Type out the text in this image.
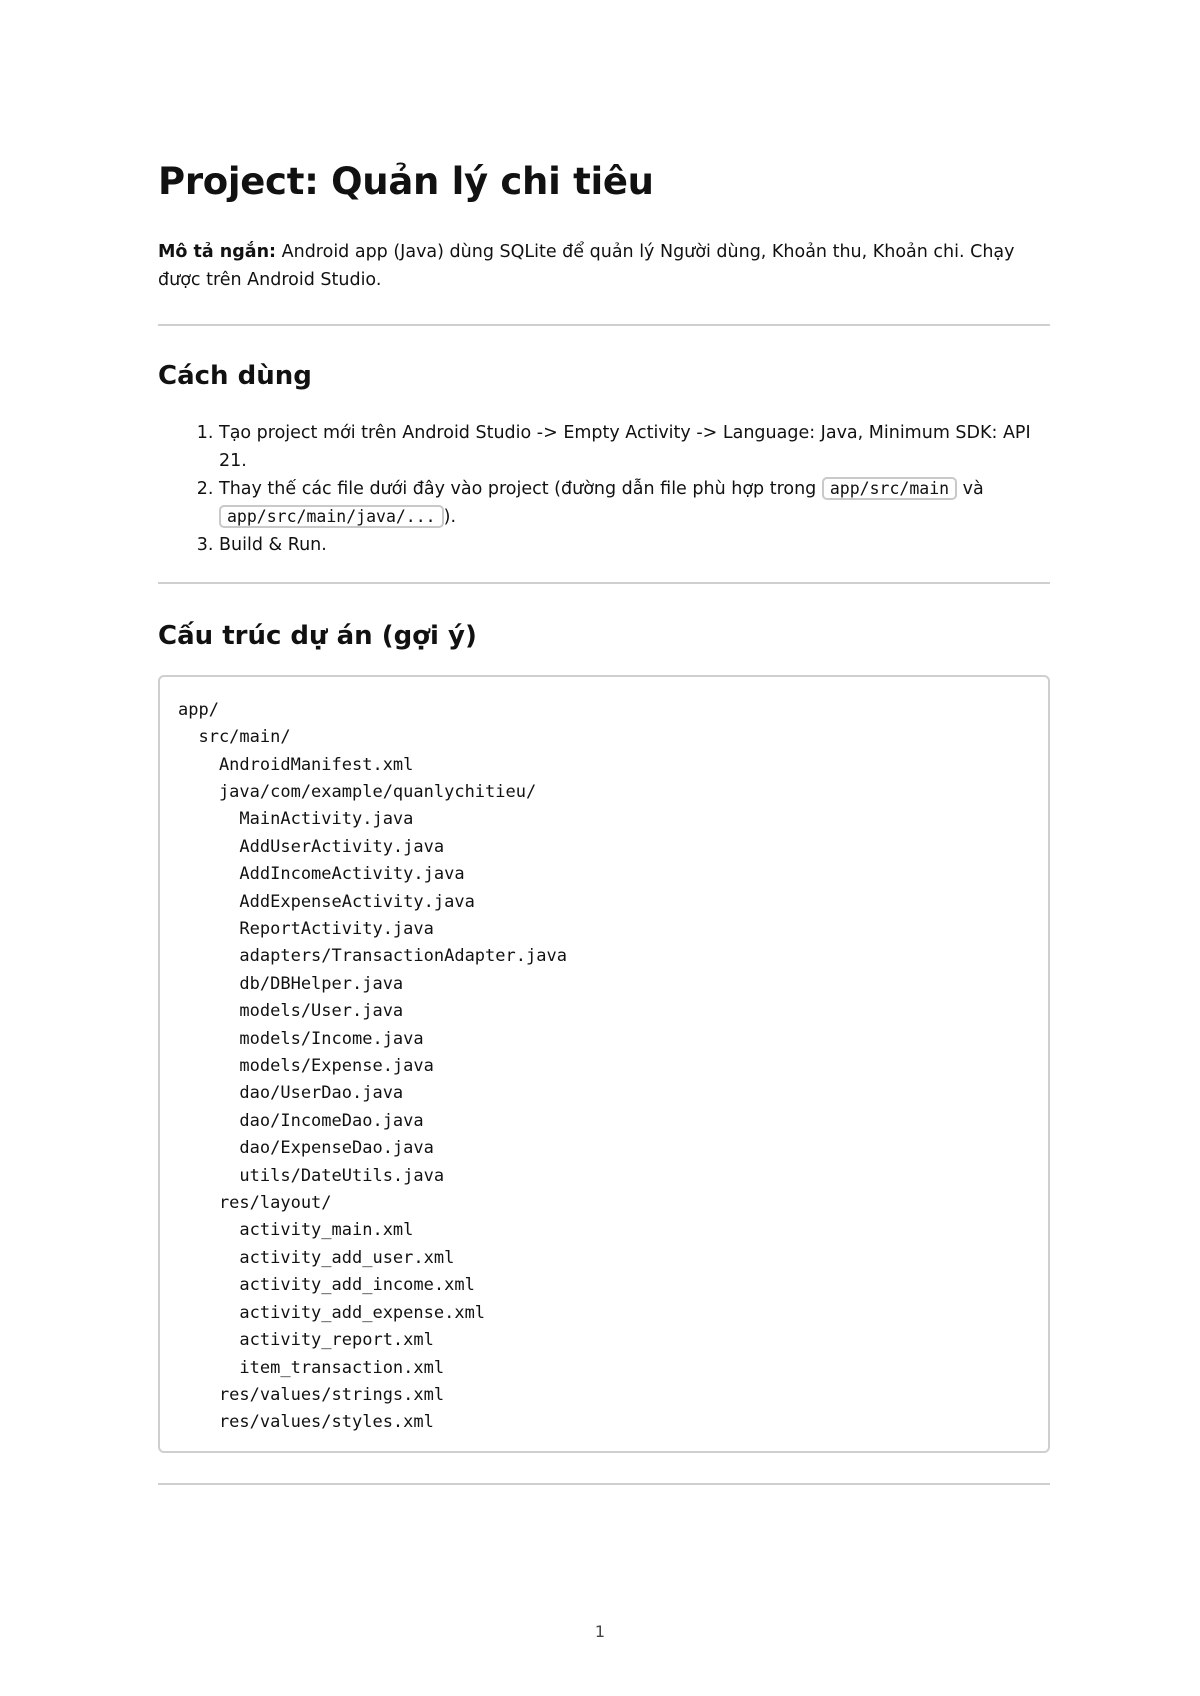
Project: Quản lý chi tiêu

Mô tả ngắn: Android app (Java) dùng SQLite để quản lý Người dùng, Khoản thu, Khoản chi. Chạy được trên Android Studio.

Cách dùng
1. Tạo project mới trên Android Studio -> Empty Activity -> Language: Java, Minimum SDK: API 21.
2. Thay thế các file dưới đây vào project (đường dẫn file phù hợp trong app/src/main và app/src/main/java/... ).
3. Build & Run.
Cấu trúc dự án (gợi ý)
app/
src/main/
AndroidManifest.xml
java/com/example/quanlychitieu/
MainActivity.java
AddUserActivity.java
AddIncomeActivity.java
AddExpenseActivity.java
ReportActivity.java
adapters/TransactionAdapter.java
db/DBHelper.java
models/User.java
models/Income.java
models/Expense.java
dao/UserDao.java
dao/IncomeDao.java
dao/ExpenseDao.java
utils/DateUtils.java
res/layout/
activity_main.xml
activity_add_user.xml
activity_add_income.xml
activity_add_expense.xml
activity_report.xml
item_transaction.xml
res/values/strings.xml
res/values/styles.xml
1
